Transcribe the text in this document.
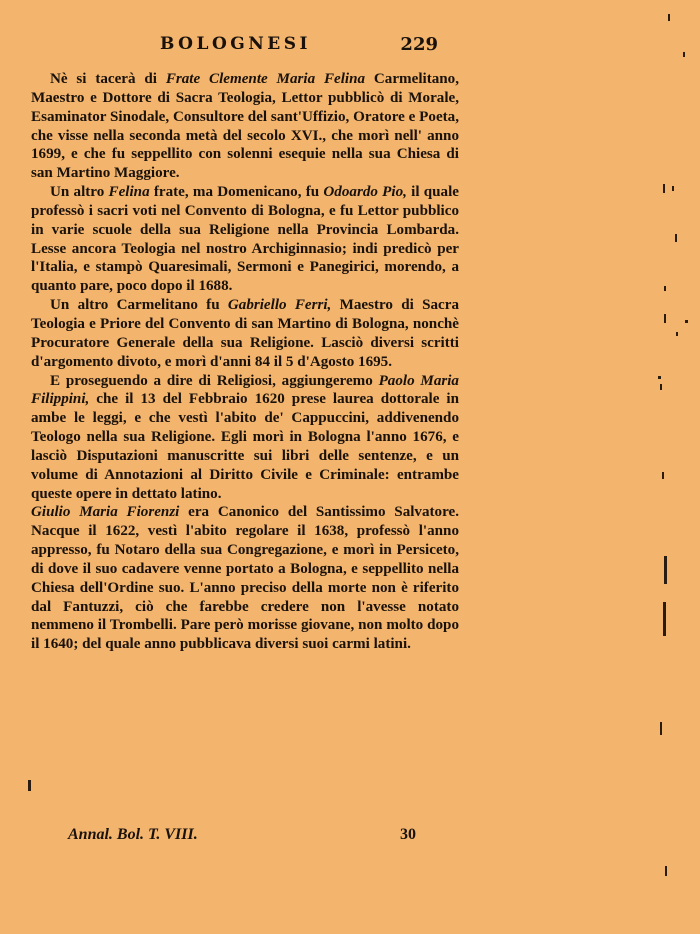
BOLOGNESI	229

Nè si tacerà di Frate Clemente Maria Felina Carmelitano, Maestro e Dottore di Sacra Teologia, Lettor pubblicò di Morale, Esaminator Sinodale, Consultore del sant'Uffizio, Oratore e Poeta, che visse nella seconda metà del secolo XVI., che morì nell' anno 1699, e che fu seppellito con solenni esequie nella sua Chiesa di san Martino Maggiore.

Un altro Felina frate, ma Domenicano, fu Odoardo Pio, il quale professò i sacri voti nel Convento di Bologna, e fu Lettor pubblico in varie scuole della sua Religione nella Provincia Lombarda. Lesse ancora Teologia nel nostro Archiginnasio; indi predicò per l'Italia, e stampò Quaresimali, Sermoni e Panegirici, morendo, a quanto pare, poco dopo il 1688.

Un altro Carmelitano fu Gabriello Ferri, Maestro di Sacra Teologia e Priore del Convento di san Martino di Bologna, nonchè Procuratore Generale della sua Religione. Lasciò diversi scritti d'argomento divoto, e morì d'anni 84 il 5 d'Agosto 1695.

E proseguendo a dire di Religiosi, aggiungeremo Paolo Maria Filippini, che il 13 del Febbraio 1620 prese laurea dottorale in ambe le leggi, e che vestì l'abito de' Cappuccini, addivenendo Teologo nella sua Religione. Egli morì in Bologna l'anno 1676, e lasciò Disputazioni manuscritte sui libri delle sentenze, e un volume di Annotazioni al Diritto Civile e Criminale: entrambe queste opere in dettato latino.

Giulio Maria Fiorenzi era Canonico del Santissimo Salvatore. Nacque il 1622, vestì l'abito regolare il 1638, professò l'anno appresso, fu Notaro della sua Congregazione, e morì in Persiceto, di dove il suo cadavere venne portato a Bologna, e seppellito nella Chiesa dell'Ordine suo. L'anno preciso della morte non è riferito dal Fantuzzi, ciò che farebbe credere non l'avesse notato nemmeno il Trombelli. Pare però morisse giovane, non molto dopo il 1640; del quale anno pubblicava diversi suoi carmi latini.

Annal. Bol. T. VIII.	30
